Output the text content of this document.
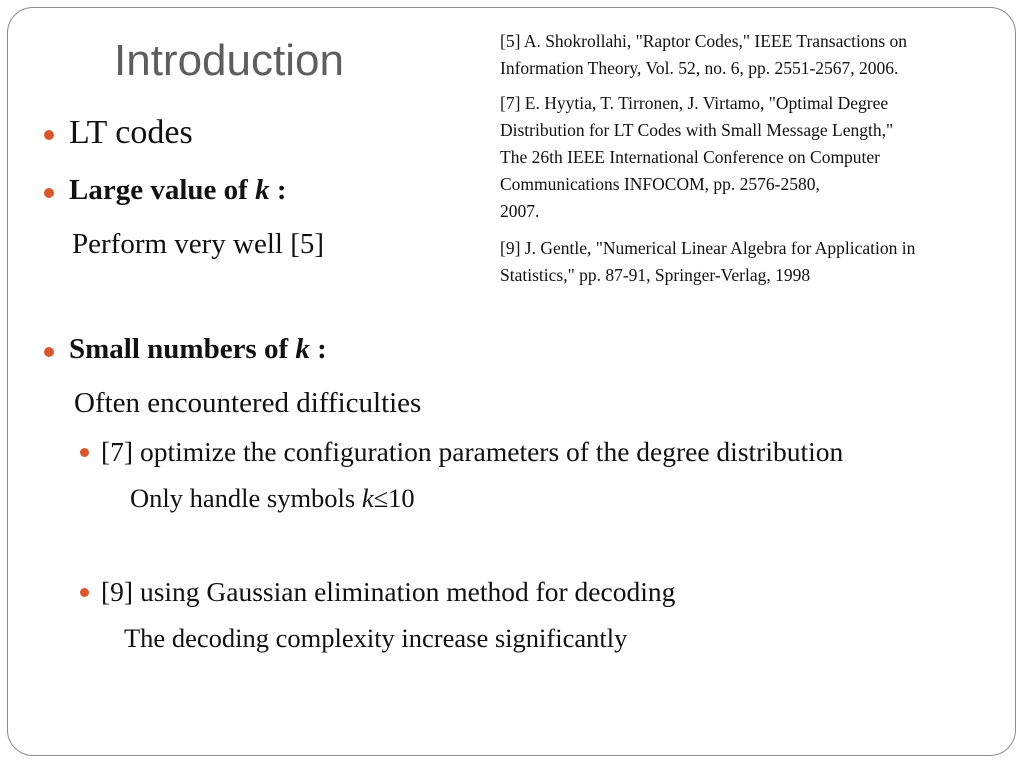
Introduction	[5] A. Shokrollahi, "Raptor Codes," IEEE Transactions on
Information Theory, Vol. 52, no. 6, pp. 2551-2567, 2006.
[7] E. Hyytia, T. Tirronen, J. Virtamo, "Optimal Degree
Distribution for LT Codes with Small Message Length,"
The 26th IEEE International Conference on Computer
Communications INFOCOM, pp. 2576-2580,
2007.
[9] J. Gentle, "Numerical Linear Algebra for Application in
Statistics," pp. 87-91, Springer-Verlag, 1998
LT codes
Large value of k :
Perform very well [5]
Small numbers of k :
Often encountered difficulties
[7] optimize the configuration parameters of the degree distribution
Only handle symbols k≤10
[9] using Gaussian elimination method for decoding
The decoding complexity increase significantly
